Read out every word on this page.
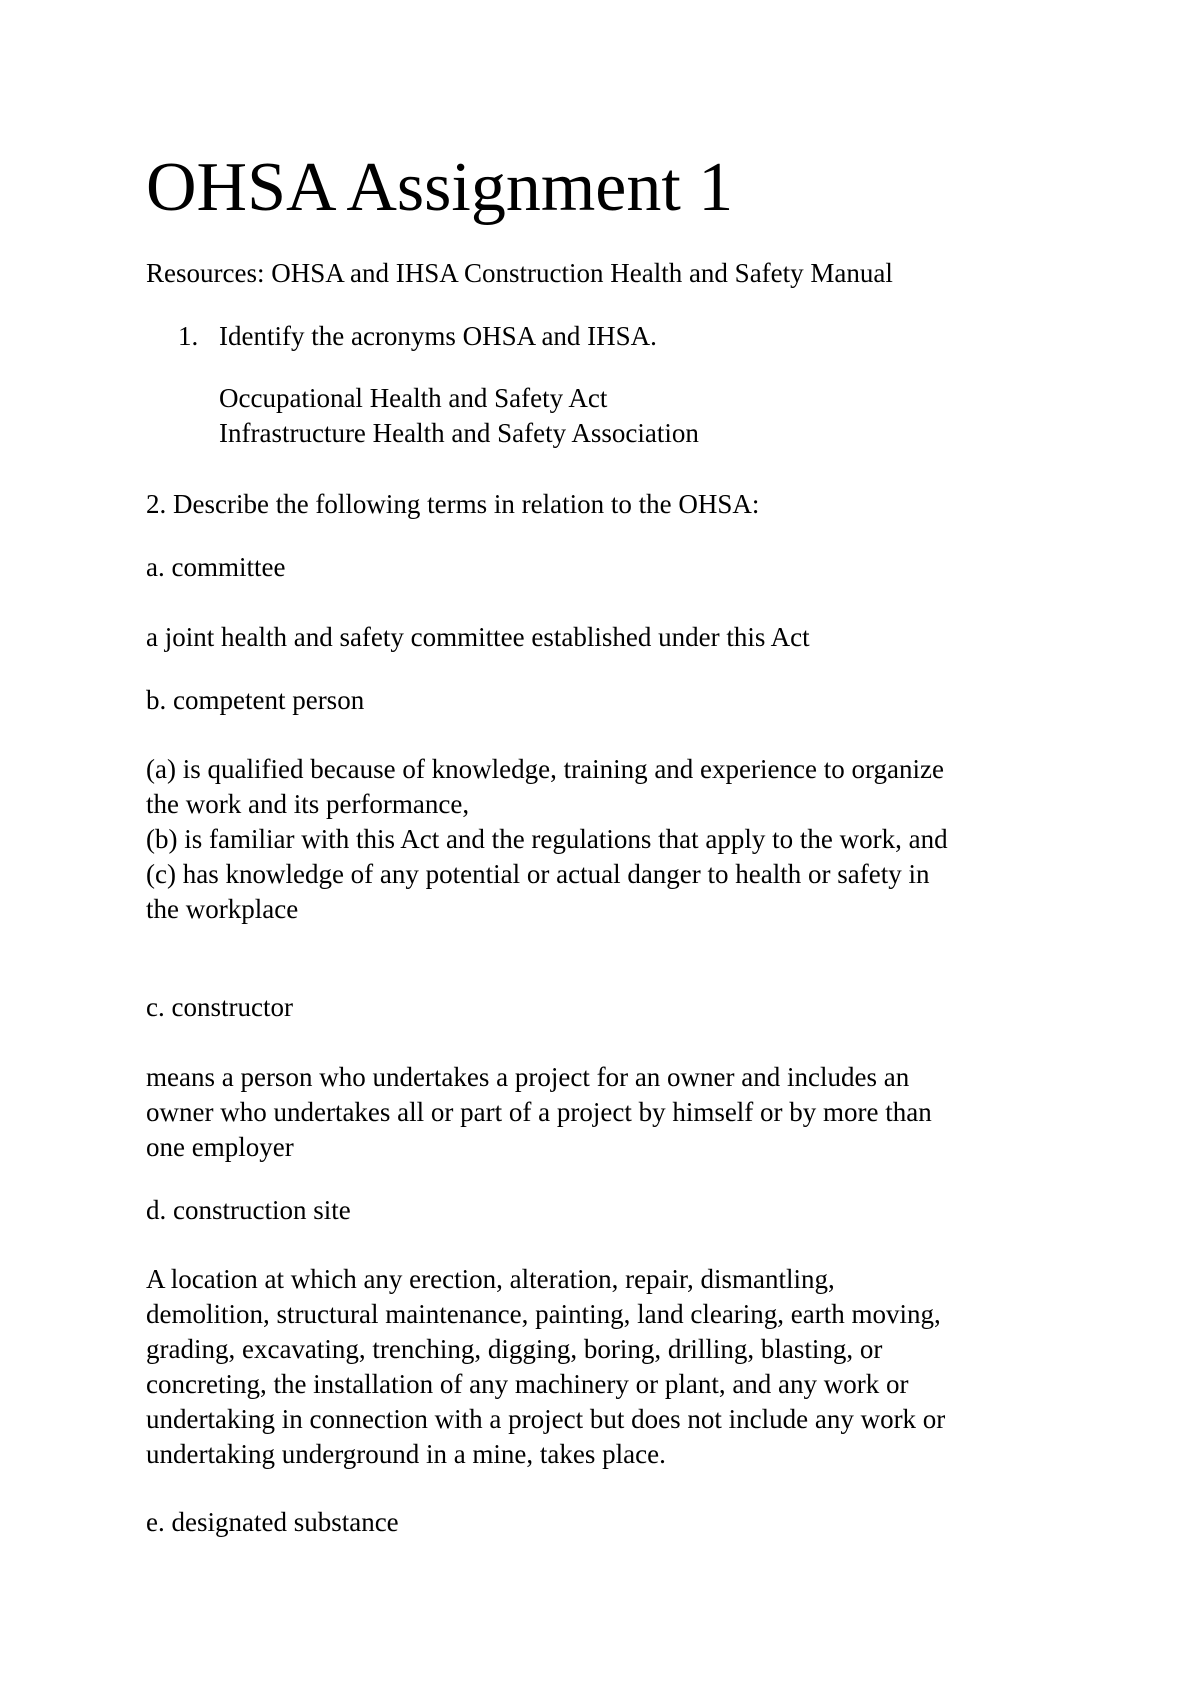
OHSA Assignment 1

Resources: OHSA and IHSA Construction Health and Safety Manual

1. Identify the acronyms OHSA and IHSA.

Occupational Health and Safety Act

Infrastructure Health and Safety Association

2. Describe the following terms in relation to the OHSA:

a. committee

a joint health and safety committee established under this Act

b. competent person

(a) is qualified because of knowledge, training and experience to organize

the work and its performance,

(b) is familiar with this Act and the regulations that apply to the work, and

(c) has knowledge of any potential or actual danger to health or safety in

the workplace

c. constructor

means a person who undertakes a project for an owner and includes an

owner who undertakes all or part of a project by himself or by more than

one employer

d. construction site

A location at which any erection, alteration, repair, dismantling,

demolition, structural maintenance, painting, land clearing, earth moving,

grading, excavating, trenching, digging, boring, drilling, blasting, or

concreting, the installation of any machinery or plant, and any work or

undertaking in connection with a project but does not include any work or

undertaking underground in a mine, takes place.

e. designated substance
